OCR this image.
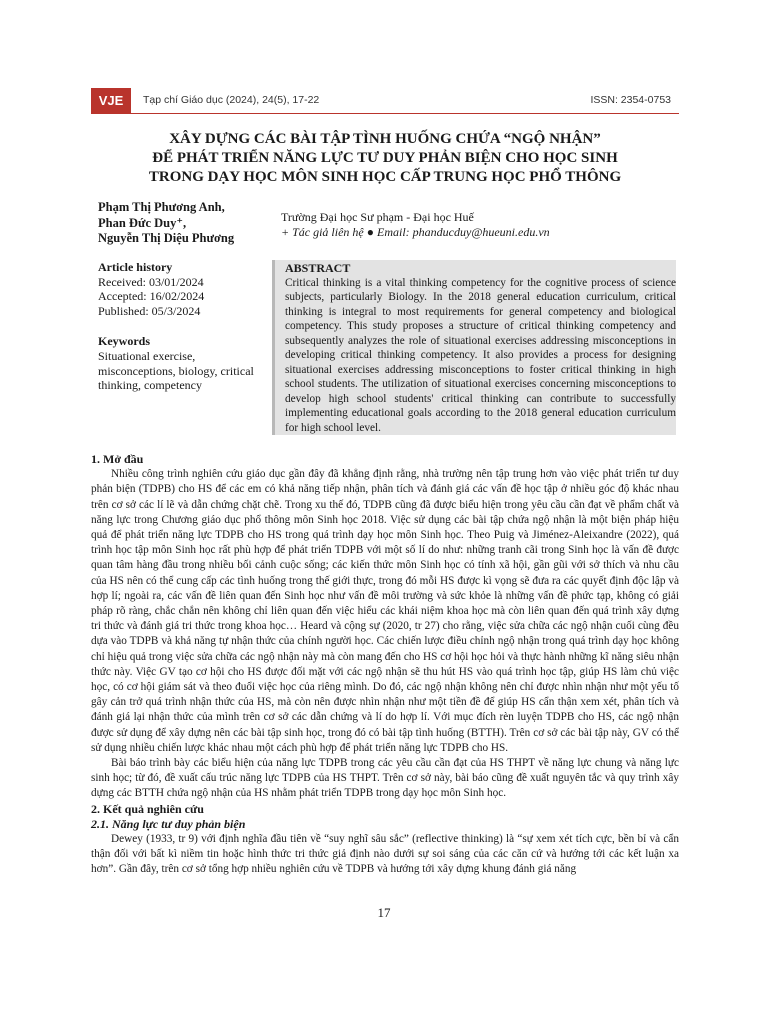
VJE	Tạp chí Giáo dục (2024), 24(5), 17-22	ISSN: 2354-0753
XÂY DỰNG CÁC BÀI TẬP TÌNH HUỐNG CHỨA “NGỘ NHẬN”
ĐỂ PHÁT TRIỂN NĂNG LỰC TƯ DUY PHẢN BIỆN CHO HỌC SINH
TRONG DẠY HỌC MÔN SINH HỌC CẤP TRUNG HỌC PHỔ THÔNG
Phạm Thị Phương Anh,
Phan Đức Duy⁺,
Nguyễn Thị Diệu Phương
Trường Đại học Sư phạm - Đại học Huế
+ Tác giả liên hệ ● Email: phanducduy@hueuni.edu.vn
Article history

Received: 03/01/2024

Accepted: 16/02/2024

Published: 05/3/2024

Keywords

Situational exercise, misconceptions, biology, critical thinking, competency

ABSTRACT

Critical thinking is a vital thinking competency for the cognitive process of science subjects, particularly Biology. In the 2018 general education curriculum, critical thinking is integral to most requirements for general competency and biological competency. This study proposes a structure of critical thinking competency and subsequently analyzes the role of situational exercises addressing misconceptions in developing critical thinking competency. It also provides a process for designing situational exercises addressing misconceptions to foster critical thinking in high school students. The utilization of situational exercises concerning misconceptions to develop high school students' critical thinking can contribute to successfully implementing educational goals according to the 2018 general education curriculum for high school level.

1. Mở đầu

Nhiều công trình nghiên cứu giáo dục gần đây đã khẳng định rằng, nhà trường nên tập trung hơn vào việc phát triển tư duy phản biện (TDPB) cho HS để các em có khả năng tiếp nhận, phân tích và đánh giá các vấn đề học tập ở nhiều góc độ khác nhau trên cơ sở các lí lẽ và dẫn chứng chặt chẽ. Trong xu thế đó, TDPB cũng đã được biểu hiện trong yêu cầu cần đạt về phẩm chất và năng lực trong Chương giáo dục phổ thông môn Sinh học 2018. Việc sử dụng các bài tập chứa ngộ nhận là một biện pháp hiệu quả để phát triển năng lực TDPB cho HS trong quá trình dạy học môn Sinh học. Theo Puig và Jiménez-Aleixandre (2022), quá trình học tập môn Sinh học rất phù hợp để phát triển TDPB với một số lí do như: những tranh cãi trong Sinh học là vấn đề được quan tâm hàng đầu trong nhiều bối cảnh cuộc sống; các kiến thức môn Sinh học có tính xã hội, gần gũi với sở thích và nhu cầu của HS nên có thể cung cấp các tình huống trong thế giới thực, trong đó mỗi HS được kì vọng sẽ đưa ra các quyết định độc lập và hợp lí; ngoài ra, các vấn đề liên quan đến Sinh học như vấn đề môi trường và sức khỏe là những vấn đề phức tạp, không có giải pháp rõ ràng, chắc chắn nên không chỉ liên quan đến việc hiểu các khái niệm khoa học mà còn liên quan đến quá trình xây dựng tri thức và đánh giá tri thức trong khoa học… Heard và cộng sự (2020, tr 27) cho rằng, việc sửa chữa các ngộ nhận cuối cùng đều dựa vào TDPB và khả năng tự nhận thức của chính người học. Các chiến lược điều chỉnh ngộ nhận trong quá trình dạy học không chỉ hiệu quả trong việc sửa chữa các ngộ nhận này mà còn mang đến cho HS cơ hội học hỏi và thực hành những kĩ năng siêu nhận thức này. Việc GV tạo cơ hội cho HS được đối mặt với các ngộ nhận sẽ thu hút HS vào quá trình học tập, giúp HS làm chủ việc học, có cơ hội giám sát và theo đuổi việc học của riêng mình. Do đó, các ngộ nhận không nên chỉ được nhìn nhận như một yếu tố gây cản trở quá trình nhận thức của HS, mà còn nên được nhìn nhận như một tiền đề để giúp HS cẩn thận xem xét, phân tích và đánh giá lại nhận thức của mình trên cơ sở các dẫn chứng và lí do hợp lí. Với mục đích rèn luyện TDPB cho HS, các ngộ nhận được sử dụng để xây dựng nên các bài tập sinh học, trong đó có bài tập tình huống (BTTH). Trên cơ sở các bài tập này, GV có thể sử dụng nhiều chiến lược khác nhau một cách phù hợp để phát triển năng lực TDPB cho HS.

Bài báo trình bày các biểu hiện của năng lực TDPB trong các yêu cầu cần đạt của HS THPT về năng lực chung và năng lực sinh học; từ đó, đề xuất cấu trúc năng lực TDPB của HS THPT. Trên cơ sở này, bài báo cũng đề xuất nguyên tắc và quy trình xây dựng các BTTH chứa ngộ nhận của HS nhằm phát triển TDPB trong dạy học môn Sinh học.

2. Kết quả nghiên cứu
2.1. Năng lực tư duy phản biện

Dewey (1933, tr 9) với định nghĩa đầu tiên về “suy nghĩ sâu sắc” (reflective thinking) là “sự xem xét tích cực, bền bỉ và cẩn thận đối với bất kì niềm tin hoặc hình thức tri thức giả định nào dưới sự soi sáng của các căn cứ và hướng tới các kết luận xa hơn”. Gần đây, trên cơ sở tổng hợp nhiều nghiên cứu về TDPB và hướng tới xây dựng khung đánh giá năng

17
